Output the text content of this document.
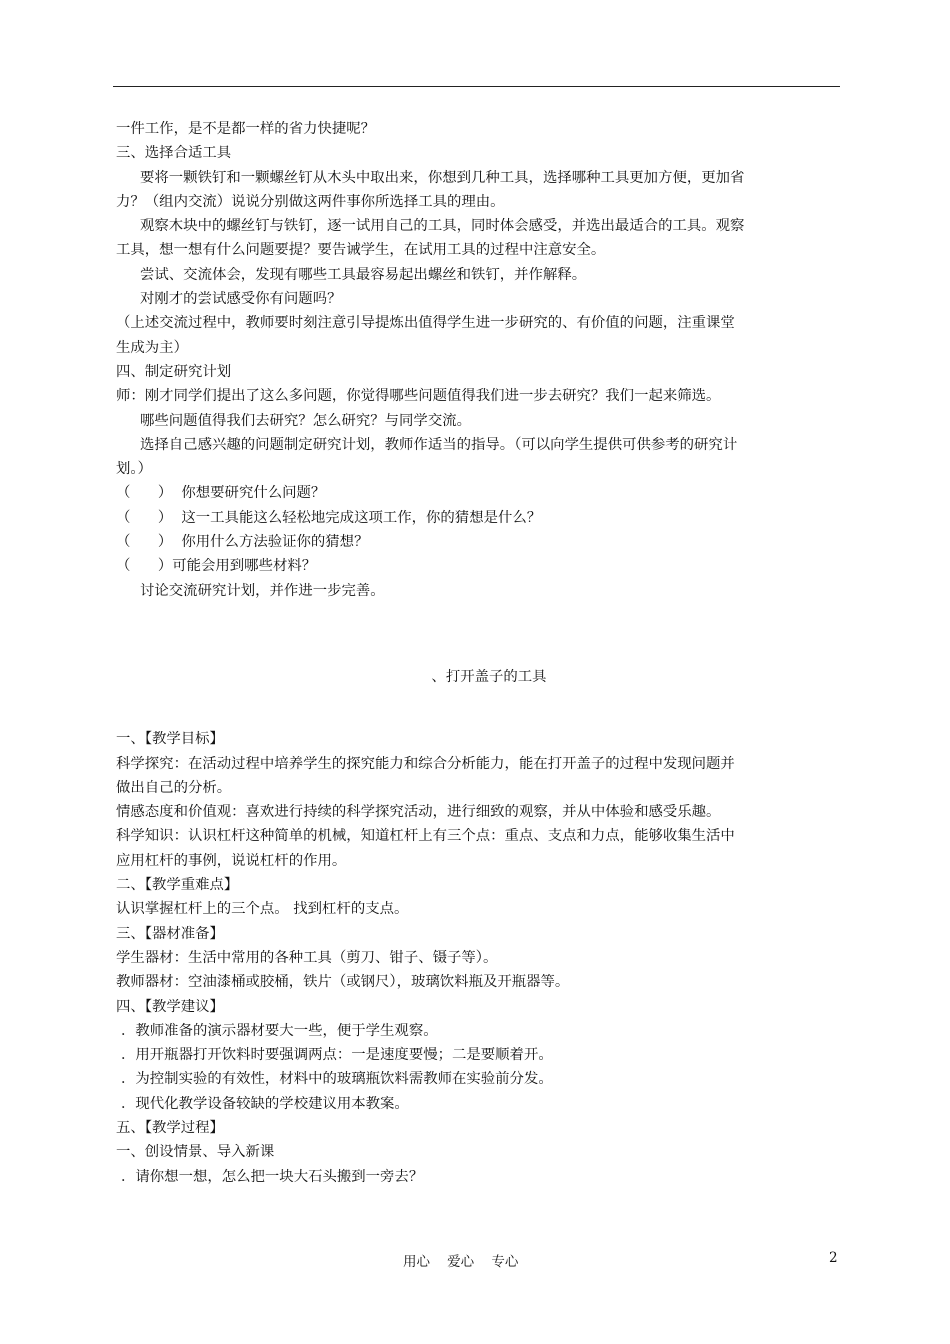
一件工作，是不是都一样的省力快捷呢？
三、选择合适工具
要将一颗铁钉和一颗螺丝钉从木头中取出来，你想到几种工具，选择哪种工具更加方便，更加省
力？（组内交流）说说分别做这两件事你所选择工具的理由。
观察木块中的螺丝钉与铁钉，逐一试用自己的工具，同时体会感受，并选出最适合的工具。观察
工具，想一想有什么问题要提？要告诫学生，在试用工具的过程中注意安全。
尝试、交流体会，发现有哪些工具最容易起出螺丝和铁钉，并作解释。
对刚才的尝试感受你有问题吗？
（上述交流过程中，教师要时刻注意引导提炼出值得学生进一步研究的、有价值的问题，注重课堂
生成为主）
四、制定研究计划
师：刚才同学们提出了这么多问题，你觉得哪些问题值得我们进一步去研究？我们一起来筛选。
哪些问题值得我们去研究？怎么研究？与同学交流。
选择自己感兴趣的问题制定研究计划，教师作适当的指导。（可以向学生提供可供参考的研究计
划。）
（      ）  你想要研究什么问题？
（      ）  这一工具能这么轻松地完成这项工作，你的猜想是什么？
（      ）  你用什么方法验证你的猜想？
（      ）可能会用到哪些材料？
讨论交流研究计划，并作进一步完善。
、打开盖子的工具
一、【教学目标】
科学探究：在活动过程中培养学生的探究能力和综合分析能力，能在打开盖子的过程中发现问题并
做出自己的分析。
情感态度和价值观：喜欢进行持续的科学探究活动，进行细致的观察，并从中体验和感受乐趣。
科学知识：认识杠杆这种简单的机械，知道杠杆上有三个点：重点、支点和力点，能够收集生活中
应用杠杆的事例，说说杠杆的作用。
二、【教学重难点】
认识掌握杠杆上的三个点。 找到杠杆的支点。
三、【器材准备】
学生器材：生活中常用的各种工具（剪刀、钳子、镊子等）。
教师器材：空油漆桶或胶桶，铁片（或钢尺），玻璃饮料瓶及开瓶器等。
四、【教学建议】
．教师准备的演示器材要大一些，便于学生观察。
．用开瓶器打开饮料时要强调两点：一是速度要慢；二是要顺着开。
．为控制实验的有效性，材料中的玻璃瓶饮料需教师在实验前分发。
．现代化教学设备较缺的学校建议用本教案。
五、【教学过程】
一、创设情景、导入新课
．请你想一想，怎么把一块大石头搬到一旁去？
用心    爱心    专心	2
